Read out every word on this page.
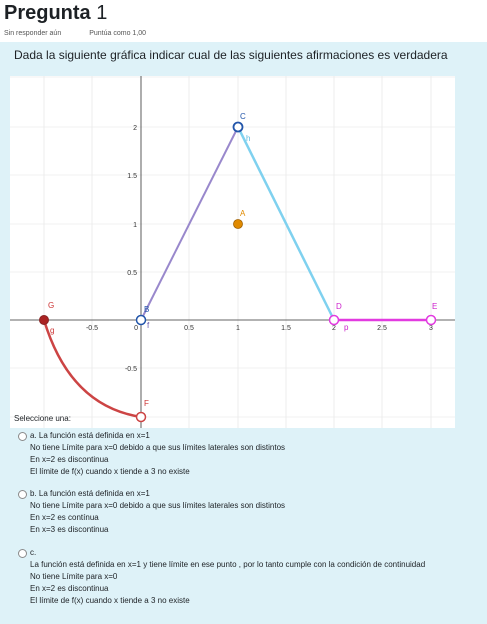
Pregunta 1
Sin responder aún	Puntúa como 1,00
Dada la siguiente gráfica indicar cual de las siguientes afirmaciones es verdadera
-0.5	0	0.5	1	1.5	2	2.5	3
2
1.5
1
0.5
-0.5
G
g
B
f
C
h
A
D
p
E
F
Seleccione una:
a. La función está definida en x=1
No tiene Límite para x=0 debido a que sus límites laterales son distintos
En x=2 es discontinua
El límite de f(x) cuando x tiende a 3 no existe
b. La función está definida en x=1
No tiene Límite para x=0 debido a que sus límites laterales son distintos
En x=2 es contínua
En x=3 es discontinua
c.
La función está definida en x=1 y tiene límite en ese punto , por lo tanto cumple con la condición de continuidad
No tiene Límite para x=0
En x=2 es discontinua
El límite de f(x) cuando x tiende a 3 no existe
